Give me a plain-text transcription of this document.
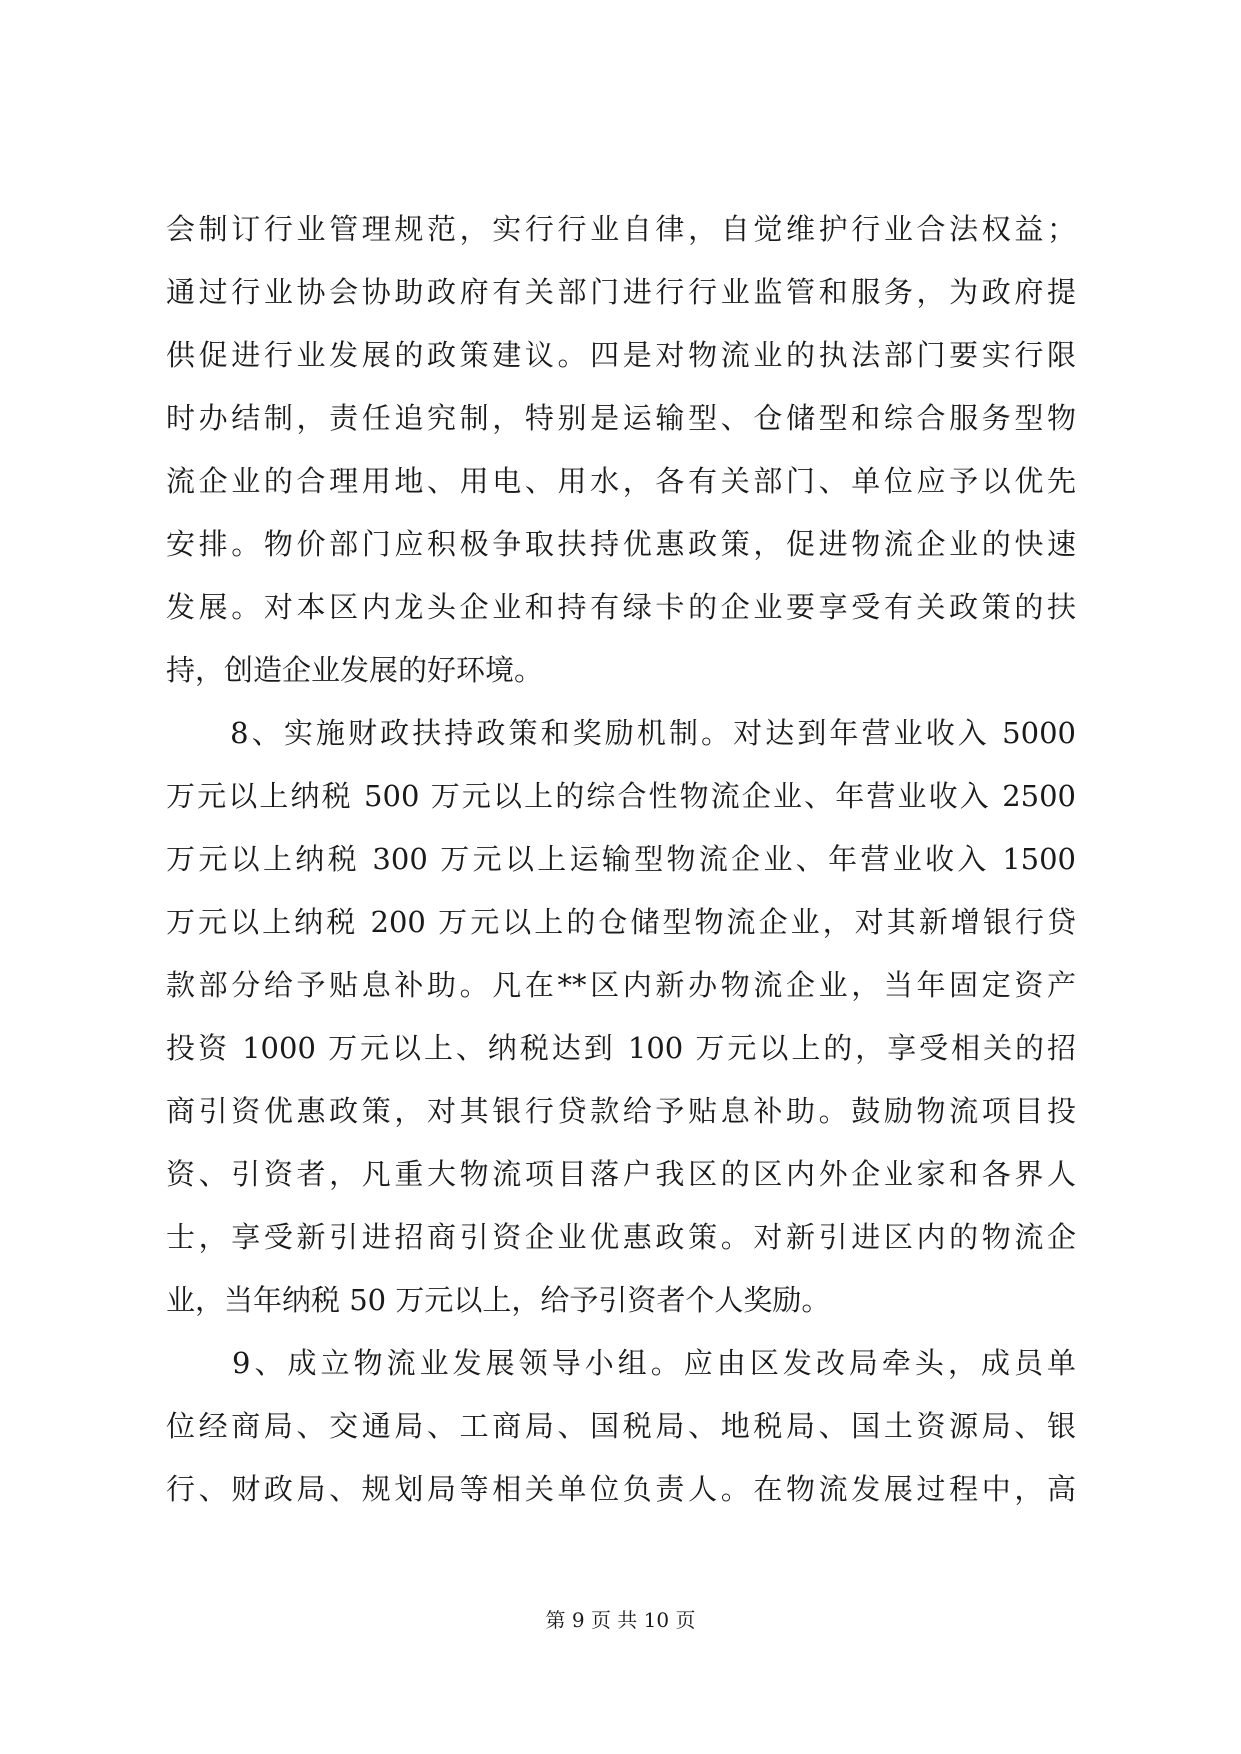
会制订行业管理规范，实行行业自律，自觉维护行业合法权益；
通过行业协会协助政府有关部门进行行业监管和服务，为政府提
供促进行业发展的政策建议。四是对物流业的执法部门要实行限
时办结制，责任追究制，特别是运输型、仓储型和综合服务型物
流企业的合理用地、用电、用水，各有关部门、单位应予以优先
安排。物价部门应积极争取扶持优惠政策，促进物流企业的快速
发展。对本区内龙头企业和持有绿卡的企业要享受有关政策的扶
持，创造企业发展的好环境。
　　8、实施财政扶持政策和奖励机制。对达到年营业收入 5000
万元以上纳税 500 万元以上的综合性物流企业、年营业收入 2500
万元以上纳税 300 万元以上运输型物流企业、年营业收入 1500
万元以上纳税 200 万元以上的仓储型物流企业，对其新增银行贷
款部分给予贴息补助。凡在**区内新办物流企业，当年固定资产
投资 1000 万元以上、纳税达到 100 万元以上的，享受相关的招
商引资优惠政策，对其银行贷款给予贴息补助。鼓励物流项目投
资、引资者，凡重大物流项目落户我区的区内外企业家和各界人
士，享受新引进招商引资企业优惠政策。对新引进区内的物流企
业，当年纳税 50 万元以上，给予引资者个人奖励。
　　9、成立物流业发展领导小组。应由区发改局牵头，成员单
位经商局、交通局、工商局、国税局、地税局、国土资源局、银
行、财政局、规划局等相关单位负责人。在物流发展过程中，高
第 9 页 共 10 页
